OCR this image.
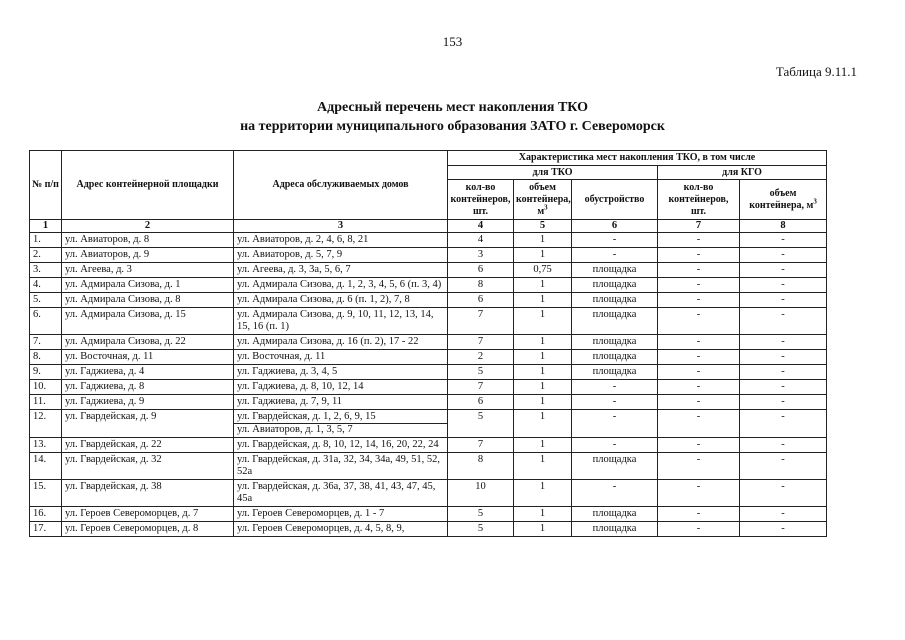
153
Таблица 9.11.1
Адресный перечень мест накопления ТКО
на территории муниципального образования ЗАТО г. Североморск
№ п/п	Адрес контейнерной площадки	Адреса обслуживаемых домов	Характеристика мест накопления ТКО, в том числе				
			для ТКО			для КГО	
			кол-во контейнеров, шт.	объем контейнера, $м^3$	обустройство	кол-во контейнеров, шт.	объем контейнера, $м^3$
1	2	3	4	5	6	7	8
1.	ул. Авиаторов, д. 8	ул. Авиаторов, д. 2, 4, 6, 8, 21	4	1	-	-	-
2.	ул. Авиаторов, д. 9	ул. Авиаторов, д. 5, 7, 9	3	1	-	-	-
3.	ул. Агеева, д. 3	ул. Агеева, д. 3, 3а, 5, 6, 7	6	0,75	площадка	-	-
4.	ул. Адмирала Сизова, д. 1	ул. Адмирала Сизова, д. 1, 2, 3, 4, 5, 6 (п. 3, 4)	8	1	площадка	-	-
5.	ул. Адмирала Сизова, д. 8	ул. Адмирала Сизова, д. 6 (п. 1, 2), 7, 8	6	1	площадка	-	-
6.	ул. Адмирала Сизова, д. 15	ул. Адмирала Сизова, д. 9, 10, 11, 12, 13, 14, 15, 16 (п. 1)	7	1	площадка	-	-
7.	ул. Адмирала Сизова, д. 22	ул. Адмирала Сизова, д. 16 (п. 2), 17 - 22	7	1	площадка	-	-
8.	ул. Восточная, д. 11	ул. Восточная, д. 11	2	1	площадка	-	-
9.	ул. Гаджиева, д. 4	ул. Гаджиева, д. 3, 4, 5	5	1	площадка	-	-
10.	ул. Гаджиева, д. 8	ул. Гаджиева, д. 8, 10, 12, 14	7	1	-	-	-
11.	ул. Гаджиева, д. 9	ул. Гаджиева, д. 7, 9, 11	6	1	-	-	-
12.	ул. Гвардейская, д. 9	ул. Гвардейская, д. 1, 2, 6, 9, 15
ул. Авиаторов, д. 1, 3, 5, 7	5	1	-	-	-
13.	ул. Гвардейская, д. 22	ул. Гвардейская, д. 8, 10, 12, 14, 16, 20, 22, 24	7	1	-	-	-
14.	ул. Гвардейская, д. 32	ул. Гвардейская, д. 31а, 32, 34, 34а, 49, 51, 52, 52а	8	1	площадка	-	-
15.	ул. Гвардейская, д. 38	ул. Гвардейская, д. 36а, 37, 38, 41, 43, 47, 45, 45а	10	1	-	-	-
16.	ул. Героев Североморцев, д. 7	ул. Героев Североморцев, д. 1 - 7	5	1	площадка	-	-
17.	ул. Героев Североморцев, д. 8	ул. Героев Североморцев, д. 4, 5, 8, 9,	5	1	площадка	-	-
